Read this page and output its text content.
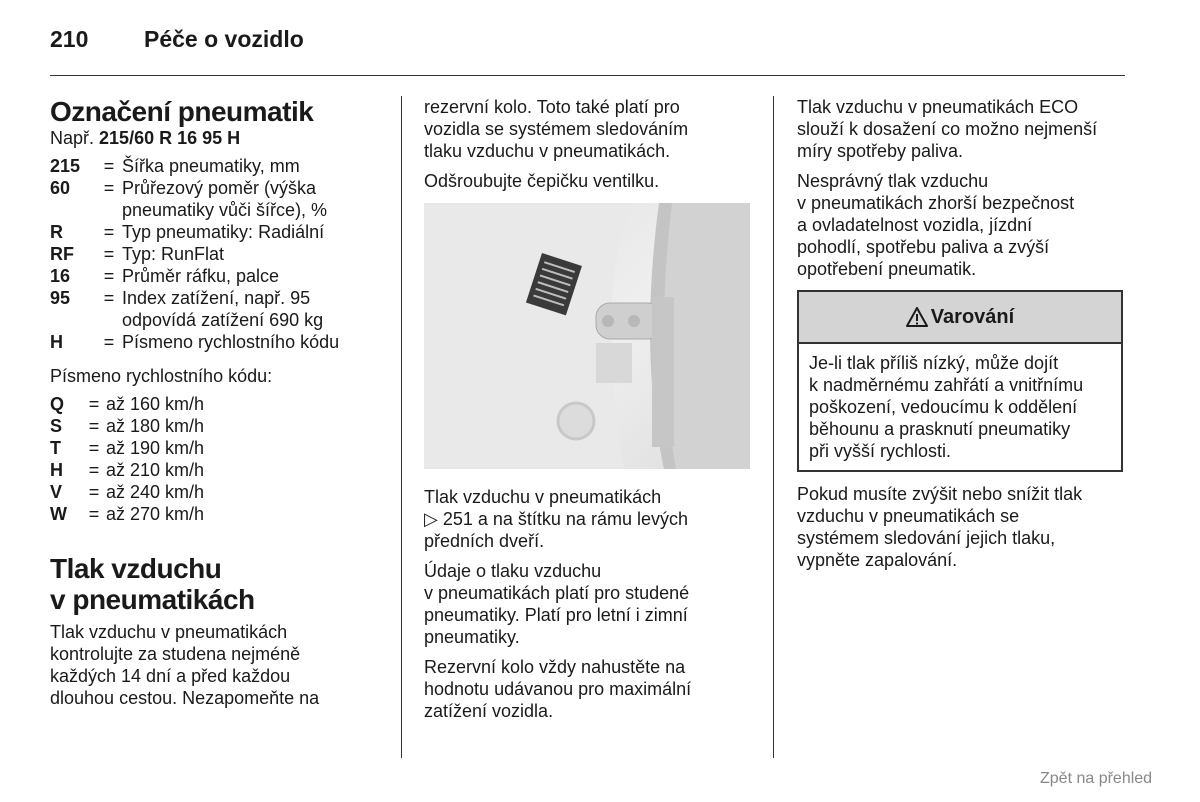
210 Péče o vozidlo
Označení pneumatik
Např. 215/60 R 16 95 H
215	=	Šířka pneumatiky, mm
60	=	Průřezový poměr (výška
		pneumatiky vůči šířce), %
R	=	Typ pneumatiky: Radiální
RF	=	Typ: RunFlat
16	=	Průměr ráfku, palce
95	=	Index zatížení, např. 95
		odpovídá zatížení 690 kg
H	=	Písmeno rychlostního kódu

Písmeno rychlostního kódu:

Q	=	až 160 km/h
S	=	až 180 km/h
T	=	až 190 km/h
H	=	až 210 km/h
V	=	až 240 km/h
W	=	až 270 km/h
Tlak vzduchu
v pneumatikách

Tlak vzduchu v pneumatikách
kontrolujte za studena nejméně
každých 14 dní a před každou
dlouhou cestou. Nezapomeňte na

rezervní kolo. Toto také platí pro
vozidla se systémem sledováním
tlaku vzduchu v pneumatikách.

Odšroubujte čepičku ventilku.

Tlak vzduchu v pneumatikách
▷ 251 a na štítku na rámu levých
předních dveří.

Údaje o tlaku vzduchu
v pneumatikách platí pro studené
pneumatiky. Platí pro letní i zimní
pneumatiky.

Rezervní kolo vždy nahustěte na
hodnotu udávanou pro maximální
zatížení vozidla.

Tlak vzduchu v pneumatikách ECO
slouží k dosažení co možno nejmenší
míry spotřeby paliva.

Nesprávný tlak vzduchu
v pneumatikách zhorší bezpečnost
a ovladatelnost vozidla, jízdní
pohodlí, spotřebu paliva a zvýší
opotřebení pneumatik.

Varování
Je-li tlak příliš nízký, může dojít
k nadměrnému zahřátí a vnitřnímu
poškození, vedoucímu k oddělení
běhounu a prasknutí pneumatiky
při vyšší rychlosti.

Pokud musíte zvýšit nebo snížit tlak
vzduchu v pneumatikách se
systémem sledování jejich tlaku,
vypněte zapalování.

Zpět na přehled
